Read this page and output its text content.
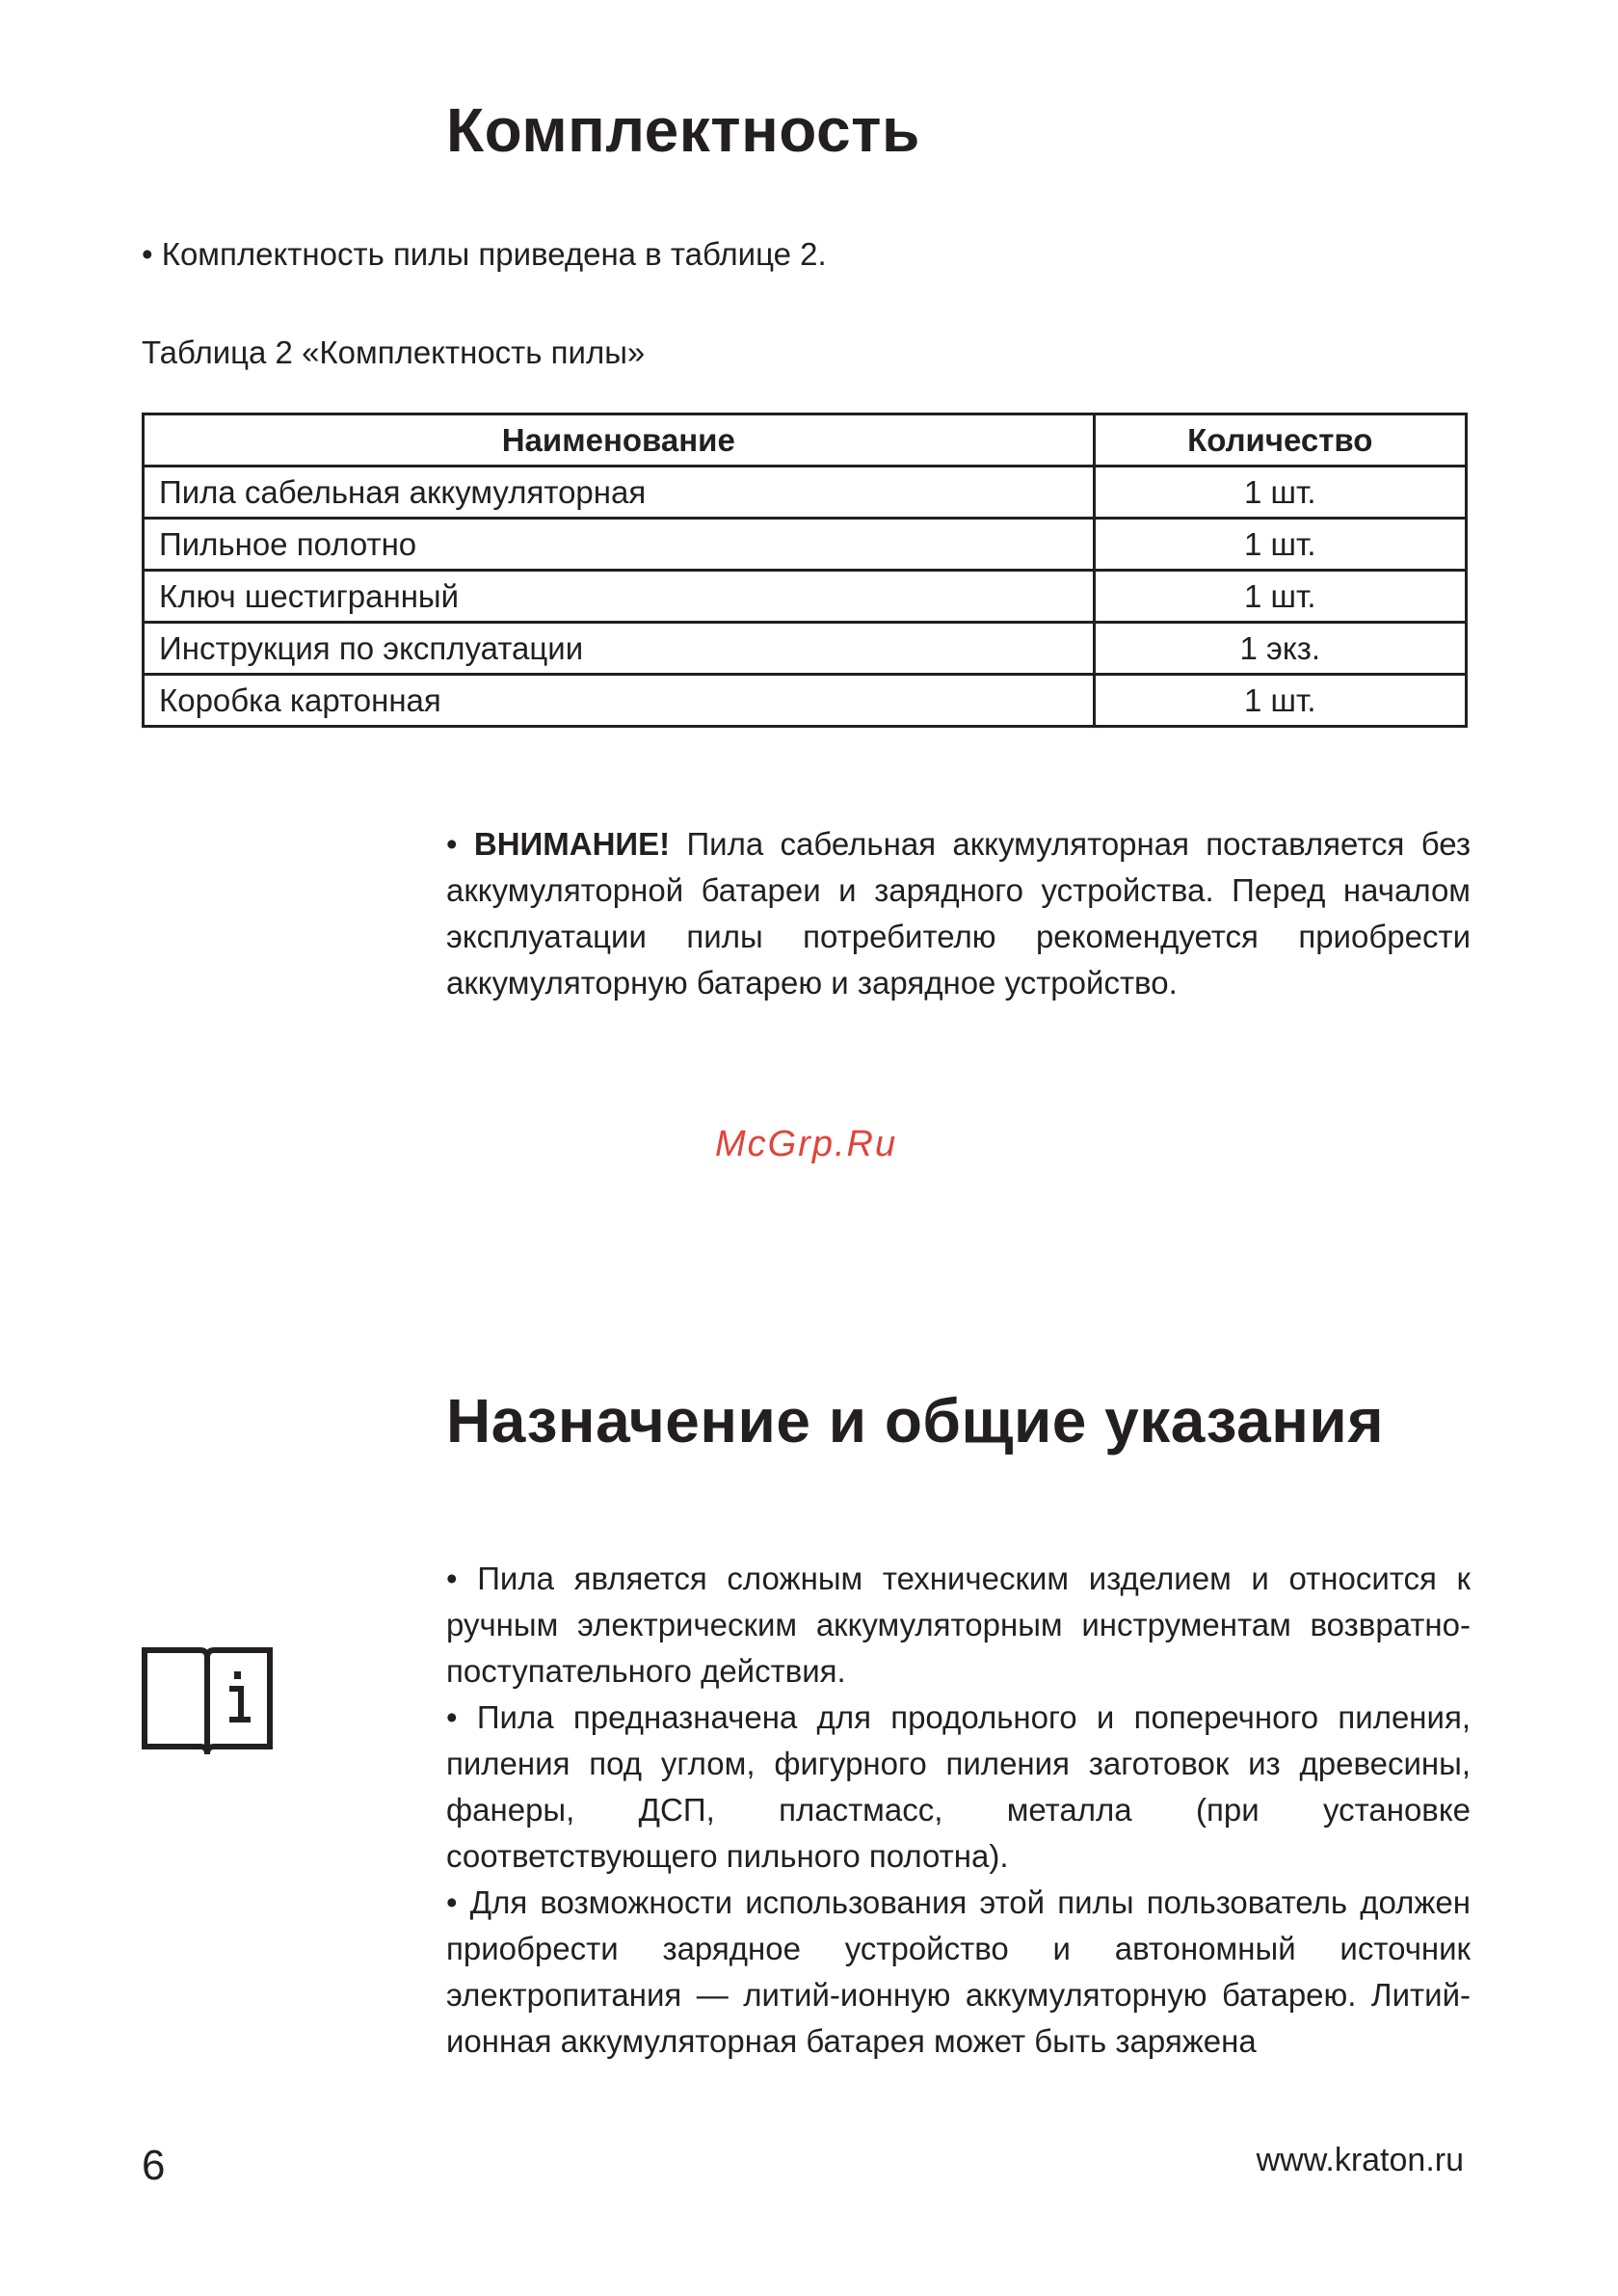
Комплектность

• Комплектность пилы приведена в таблице 2.

Таблица 2 «Комплектность пилы»

Наименование	Количество
Пила сабельная аккумуляторная	1 шт.
Пильное полотно	1 шт.
Ключ шестигранный	1 шт.
Инструкция по эксплуатации	1 экз.
Коробка картонная	1 шт.

• ВНИМАНИЕ! Пила сабельная аккумуляторная поставляется без аккумуляторной батареи и зарядного устройства. Перед началом эксплуатации пилы потребителю рекомендуется приобрести аккумуляторную батарею и зарядное устройство.

McGrp.Ru
Назначение и общие указания

• Пила является сложным техническим изделием и относится к ручным электрическим аккумуляторным инструментам возвратно-поступательного действия.

• Пила предназначена для продольного и поперечного пиления, пиления под углом, фигурного пиления заготовок из древесины, фанеры, ДСП, пластмасс, металла (при установке соответствующего пильного полотна).

• Для возможности использования этой пилы пользователь должен приобрести зарядное устройство и автономный источник электропитания — литий-ионную аккумуляторную батарею. Литий-ионная аккумуляторная батарея может быть заряжена

6	www.kraton.ru
